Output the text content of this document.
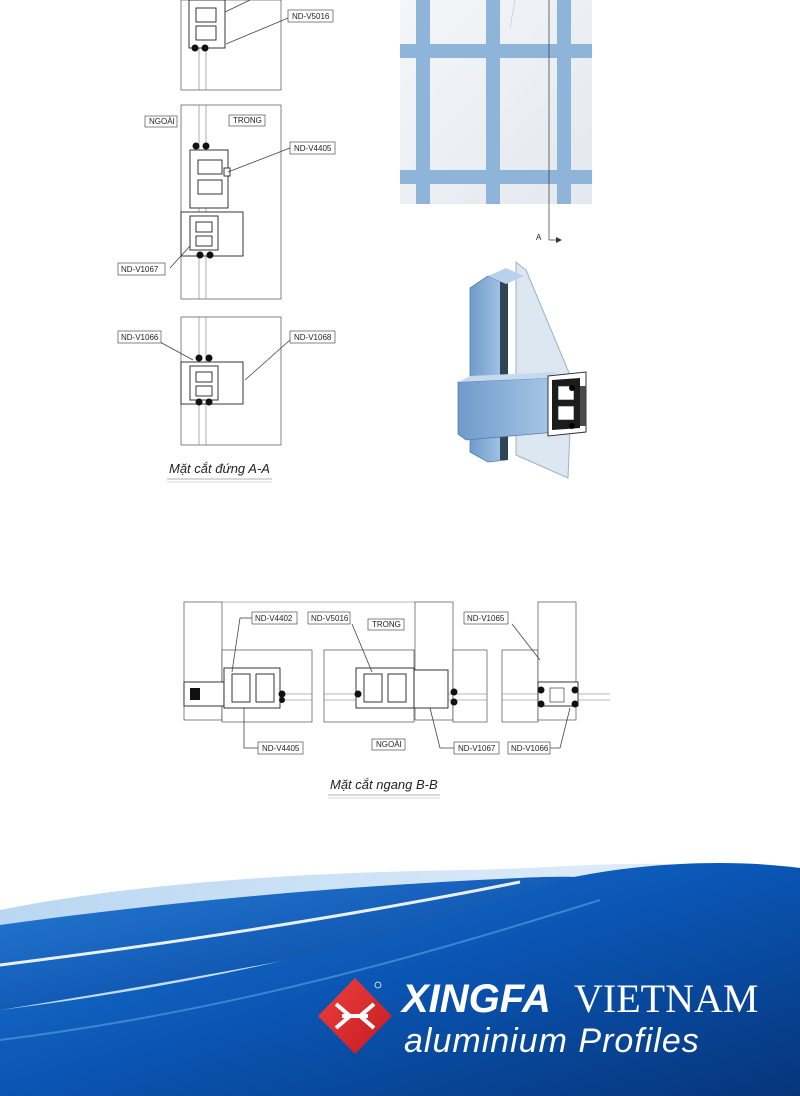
ND-V5016
NGOÀI	TRONG
ND-V4405
ND-V1067
ND-V1066	ND-V1068
Mặt cắt đứng A-A
A
ND-V4402
ND-V4405
ND-V5016
TRONG
NGOÀI	ND-V1067
ND-V1065
ND-V1066
Mặt cắt ngang B-B
XINGFA VIETNAM
aluminium Profiles
